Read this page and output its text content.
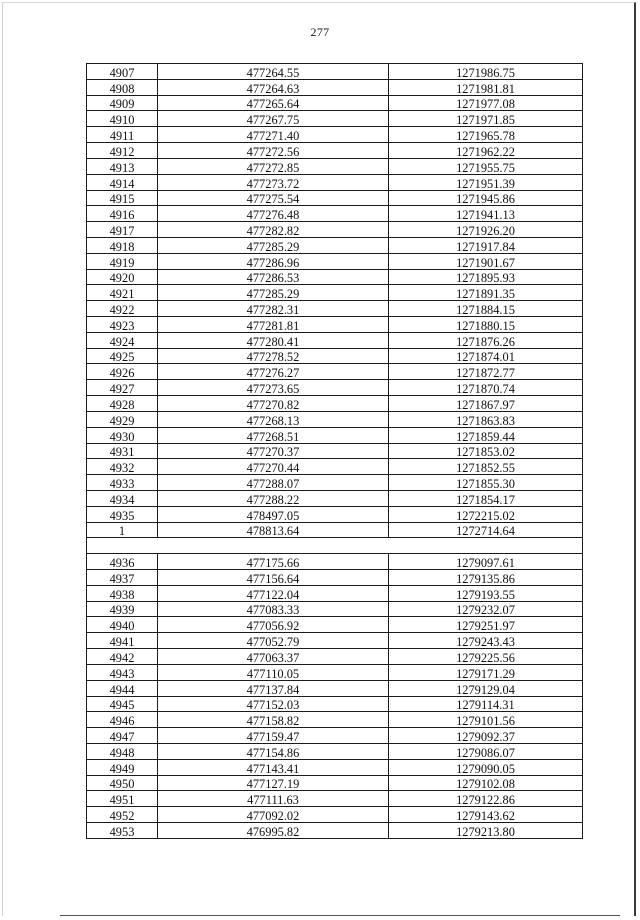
277
4907	477264.55	1271986.75
4908	477264.63	1271981.81
4909	477265.64	1271977.08
4910	477267.75	1271971.85
4911	477271.40	1271965.78
4912	477272.56	1271962.22
4913	477272.85	1271955.75
4914	477273.72	1271951.39
4915	477275.54	1271945.86
4916	477276.48	1271941.13
4917	477282.82	1271926.20
4918	477285.29	1271917.84
4919	477286.96	1271901.67
4920	477286.53	1271895.93
4921	477285.29	1271891.35
4922	477282.31	1271884.15
4923	477281.81	1271880.15
4924	477280.41	1271876.26
4925	477278.52	1271874.01
4926	477276.27	1271872.77
4927	477273.65	1271870.74
4928	477270.82	1271867.97
4929	477268.13	1271863.83
4930	477268.51	1271859.44
4931	477270.37	1271853.02
4932	477270.44	1271852.55
4933	477288.07	1271855.30
4934	477288.22	1271854.17
4935	478497.05	1272215.02
1	478813.64	1272714.64

4936	477175.66	1279097.61
4937	477156.64	1279135.86
4938	477122.04	1279193.55
4939	477083.33	1279232.07
4940	477056.92	1279251.97
4941	477052.79	1279243.43
4942	477063.37	1279225.56
4943	477110.05	1279171.29
4944	477137.84	1279129.04
4945	477152.03	1279114.31
4946	477158.82	1279101.56
4947	477159.47	1279092.37
4948	477154.86	1279086.07
4949	477143.41	1279090.05
4950	477127.19	1279102.08
4951	477111.63	1279122.86
4952	477092.02	1279143.62
4953	476995.82	1279213.80
